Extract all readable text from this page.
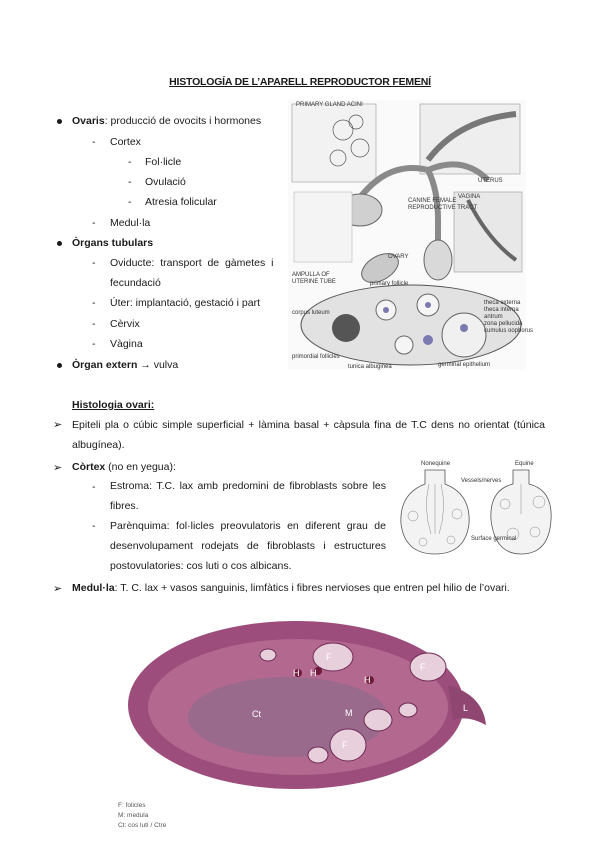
HISTOLOGÍA DE L’APARELL REPRODUCTOR FEMENÍ
Ovaris: producció de ovocits i hormones
- Cortex
- Fol·licle
- Ovulació
- Atresia folicular
- Medul·la
Òrgans tubulars
- Oviducte:  transport  de  gàmetes  i
fecundació
- Úter: implantació, gestació i part
- Cèrvix
- Vàgina
Òrgan extern → vulva
PRIMARY GLAND ACINI
UTERUS
VAGINA
CANINE FEMALE
REPRODUCTIVE TRACT
OVARY
AMPULLA OF
UTERINE TUBE
corpus luteum
primary follicle
theca externa
theca interna
antrum
zona pellucida
cumulus oophorus
primordial follicles
tunica albuginea	germinal epithelium
Histologia ovari:
➢ Epiteli pla o cúbic simple superficial + làmina basal + càpsula fina de T.C dens no orientat (túnica
albugínea).
➢ Còrtex (no en yegua):
- Estroma: T.C. lax amb predomini de fibroblasts sobre les
fibres.
- Parènquima: fol·licles preovulatoris en diferent grau de
desenvolupament rodejats de fibroblasts i estructures
postovulatories: cos luti o cos albicans.
Nonequine	Equine
Vessels/nerves
Surface germinal
➢ Medul·la: T. C. lax + vasos sanguinis, limfàtics i fibres nervioses que entren pel hilio de l’ovari.
F
F
F
H H
H
Ct	M	L
F: folicles
M: medula
Ct: cos lutí / Ctre
